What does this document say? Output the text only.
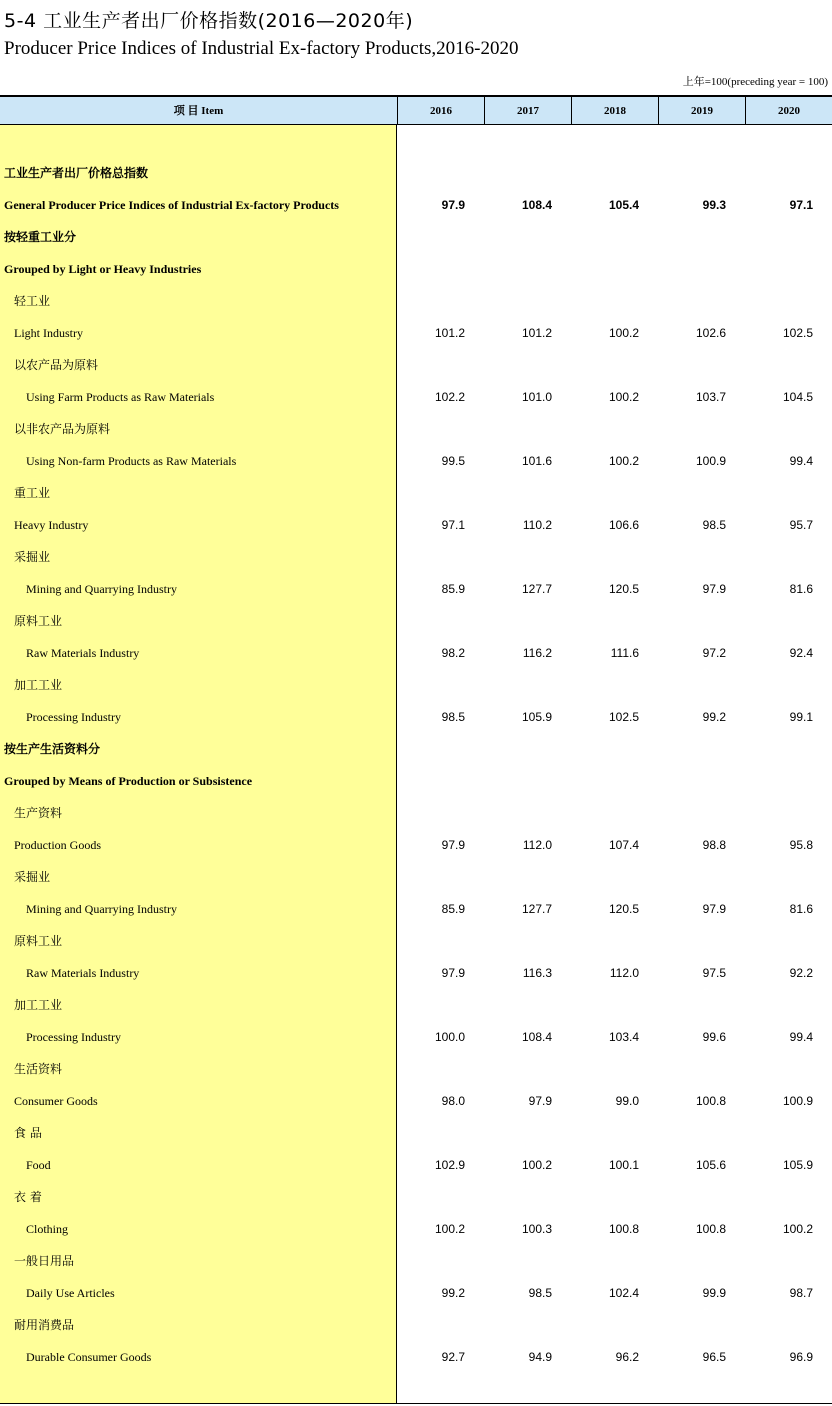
5-4 工业生产者出厂价格指数(2016—2020年)
Producer Price Indices of Industrial Ex-factory Products,2016-2020
上年=100(preceding year = 100)
项 目 Item	2016	2017	2018	2019	2020
工业生产者出厂价格总指数
General Producer Price Indices of Industrial Ex-factory Products	97.9	108.4	105.4	99.3	97.1
按轻重工业分
Grouped by Light or Heavy Industries
轻工业
Light Industry	101.2	101.2	100.2	102.6	102.5
以农产品为原料
Using Farm Products as Raw Materials	102.2	101.0	100.2	103.7	104.5
以非农产品为原料
Using Non-farm Products as Raw Materials	99.5	101.6	100.2	100.9	99.4
重工业
Heavy Industry	97.1	110.2	106.6	98.5	95.7
采掘业
Mining and Quarrying Industry	85.9	127.7	120.5	97.9	81.6
原料工业
Raw Materials Industry	98.2	116.2	111.6	97.2	92.4
加工工业
Processing Industry	98.5	105.9	102.5	99.2	99.1
按生产生活资料分
Grouped by Means of Production or Subsistence
生产资料
Production Goods	97.9	112.0	107.4	98.8	95.8
采掘业
Mining and Quarrying Industry	85.9	127.7	120.5	97.9	81.6
原料工业
Raw Materials Industry	97.9	116.3	112.0	97.5	92.2
加工工业
Processing Industry	100.0	108.4	103.4	99.6	99.4
生活资料
Consumer Goods	98.0	97.9	99.0	100.8	100.9
食 品
Food	102.9	100.2	100.1	105.6	105.9
衣 着
Clothing	100.2	100.3	100.8	100.8	100.2
一般日用品
Daily Use Articles	99.2	98.5	102.4	99.9	98.7
耐用消费品
Durable Consumer Goods	92.7	94.9	96.2	96.5	96.9
